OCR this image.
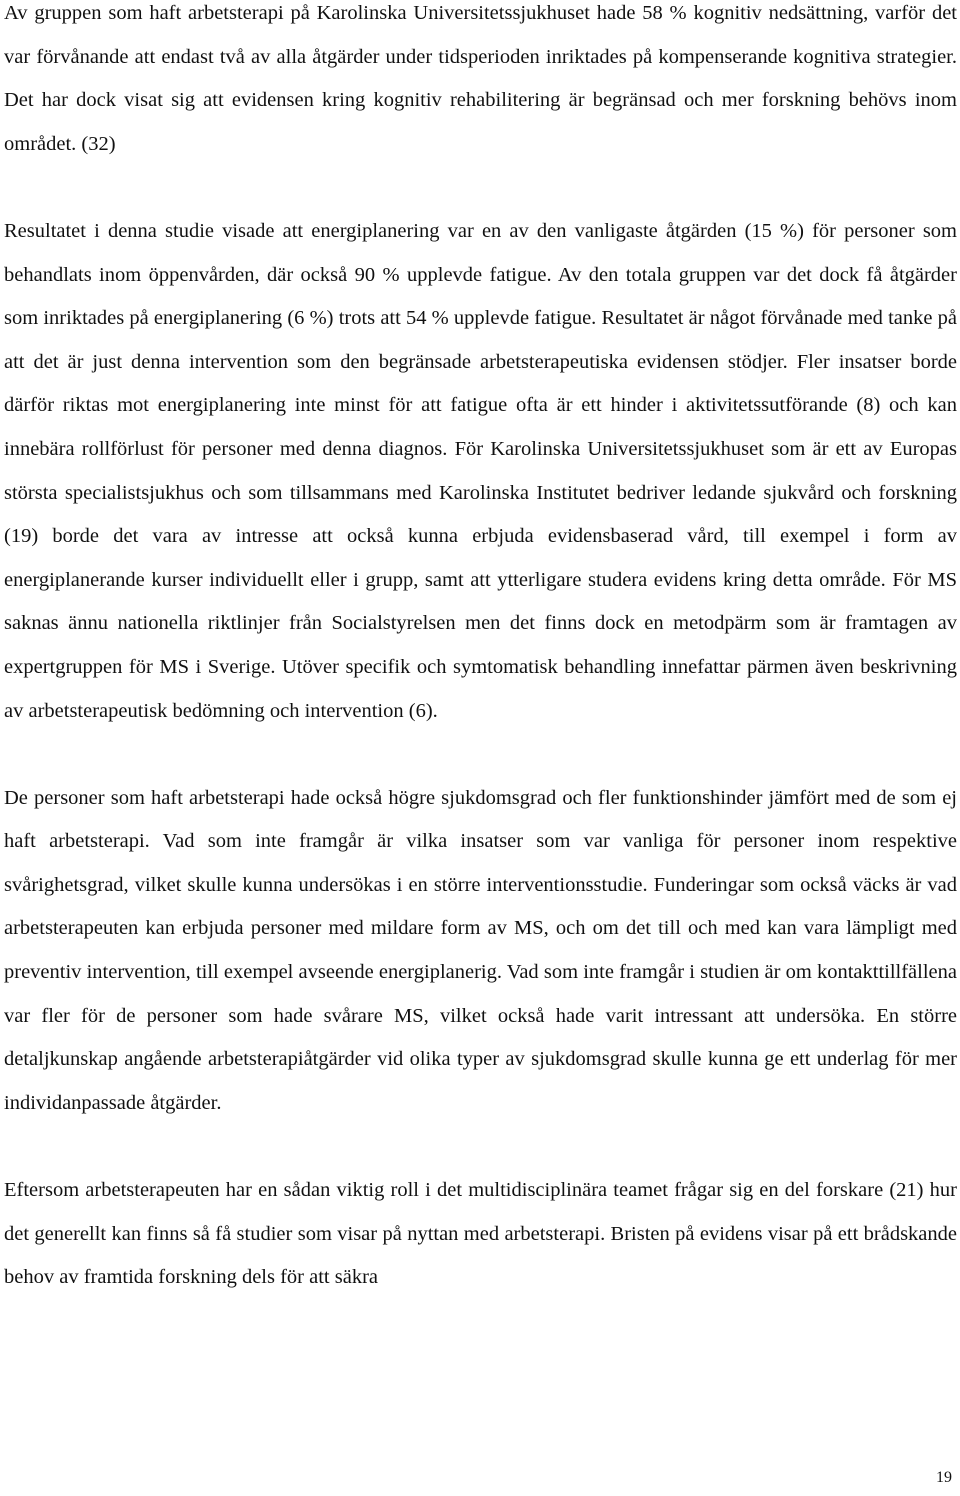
Av gruppen som haft arbetsterapi på Karolinska Universitetssjukhuset hade 58 % kognitiv nedsättning, varför det var förvånande att endast två av alla åtgärder under tidsperioden inriktades på kompenserande kognitiva strategier. Det har dock visat sig att evidensen kring kognitiv rehabilitering är begränsad och mer forskning behövs inom området. (32)

Resultatet i denna studie visade att energiplanering var en av den vanligaste åtgärden (15 %) för personer som behandlats inom öppenvården, där också 90 % upplevde fatigue. Av den totala gruppen var det dock få åtgärder som inriktades på energiplanering (6 %) trots att 54 % upplevde fatigue. Resultatet är något förvånade med tanke på att det är just denna intervention som den begränsade arbetsterapeutiska evidensen stödjer. Fler insatser borde därför riktas mot energiplanering inte minst för att fatigue ofta är ett hinder i aktivitetssutförande (8) och kan innebära rollförlust för personer med denna diagnos. För Karolinska Universitetssjukhuset som är ett av Europas största specialistsjukhus och som tillsammans med Karolinska Institutet bedriver ledande sjukvård och forskning (19) borde det vara av intresse att också kunna erbjuda evidensbaserad vård, till exempel i form av energiplanerande kurser individuellt eller i grupp, samt att ytterligare studera evidens kring detta område. För MS saknas ännu nationella riktlinjer från Socialstyrelsen men det finns dock en metodpärm som är framtagen av expertgruppen för MS i Sverige. Utöver specifik och symtomatisk behandling innefattar pärmen även beskrivning av arbetsterapeutisk bedömning och intervention (6).

De personer som haft arbetsterapi hade också högre sjukdomsgrad och fler funktionshinder jämfört med de som ej haft arbetsterapi. Vad som inte framgår är vilka insatser som var vanliga för personer inom respektive svårighetsgrad, vilket skulle kunna undersökas i en större interventionsstudie. Funderingar som också väcks är vad arbetsterapeuten kan erbjuda personer med mildare form av MS, och om det till och med kan vara lämpligt med preventiv intervention, till exempel avseende energiplanerig. Vad som inte framgår i studien är om kontakttillfällena var fler för de personer som hade svårare MS, vilket också hade varit intressant att undersöka. En större detaljkunskap angående arbetsterapiåtgärder vid olika typer av sjukdomsgrad skulle kunna ge ett underlag för mer individanpassade åtgärder.

Eftersom arbetsterapeuten har en sådan viktig roll i det multidisciplinära teamet frågar sig en del forskare (21) hur det generellt kan finns så få studier som visar på nyttan med arbetsterapi. Bristen på evidens visar på ett brådskande behov av framtida forskning dels för att säkra

19
